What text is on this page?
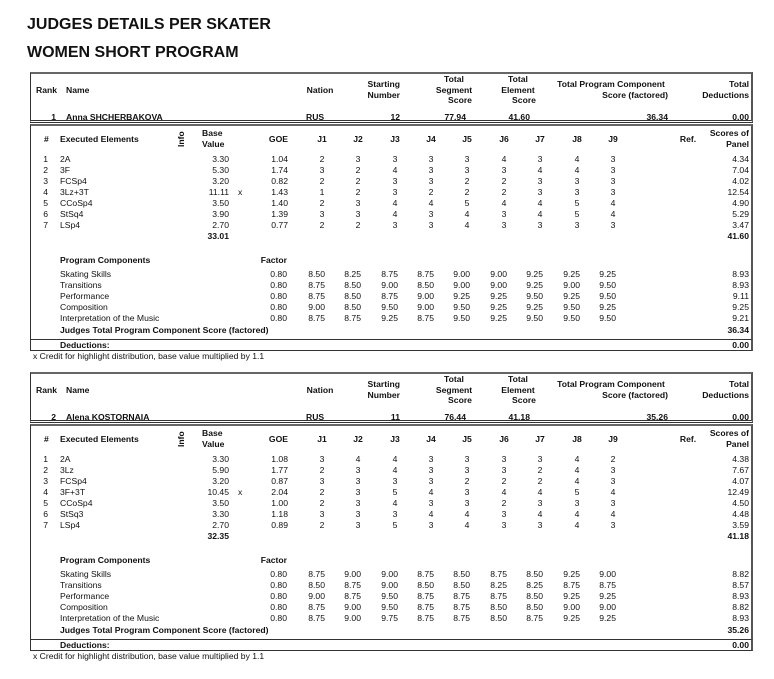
JUDGES DETAILS PER SKATER
WOMEN SHORT PROGRAM
Rank Name	Nation
Starting
Number
Total
Segment
Score
Total
Element
Score
Total Program Component
Score (factored)
Total
Deductions
1 Anna SHCHERBAKOVA	RUS	12	77.94	41.60	36.34	0.00
# Executed Elements	Info Base
Value	GOE	J1	J2	J3	J4	J5	J6	J7	J8	J9	Ref.
Scores of
Panel
1 2A	3.30	1.04	2	3	3	3	3	4	3	4	3	4.34
2 3F	5.30	1.74	3	2	4	3	3	3	4	4	3	7.04
3 FCSp4	3.20	0.82	2	2	3	3	2	2	3	3	3	4.02
4 3Lz+3T	11.11 x	1.43	1	2	3	2	2	2	3	3	3	12.54
5 CCoSp4	3.50	1.40	2	3	4	4	5	4	4	5	4	4.90
6 StSq4	3.90	1.39	3	3	4	3	4	3	4	5	4	5.29
7 LSp4	2.70	0.77	2	2	3	3	4	3	3	3	3	3.47
33.01	41.60
Program Components	Factor
Skating Skills	0.80 8.50 8.25 8.75 8.75 9.00 9.00 9.25 9.25 9.25	8.93
Transitions	0.80 8.75 8.50 9.00 8.50 9.00 9.00 9.25 9.00 9.50	8.93
Performance	0.80 8.75 8.50 8.75 9.00 9.25 9.25 9.50 9.25 9.50	9.11
Composition	0.80 9.00 8.50 9.50 9.00 9.50 9.25 9.25 9.50 9.25	9.25
Interpretation of the Music	0.80 8.75 8.75 9.25 8.75 9.50 9.25 9.50 9.50 9.50	9.21
Judges Total Program Component Score (factored)	36.34
Deductions:	0.00
x Credit for highlight distribution, base value multiplied by 1.1
Rank Name	Nation
Starting
Number
Total
Segment
Score
Total
Element
Score
Total Program Component
Score (factored)
Total
Deductions
2 Alena KOSTORNAIA	RUS	11	76.44	41.18	35.26	0.00
# Executed Elements	Info Base
Value	GOE	J1	J2	J3	J4	J5	J6	J7	J8	J9	Ref.
Scores of
Panel
1 2A	3.30	1.08	3	4	4	3	3	3	3	4	2	4.38
2 3Lz	5.90	1.77	2	3	4	3	3	3	2	4	3	7.67
3 FCSp4	3.20	0.87	3	3	3	3	2	2	2	4	3	4.07
4 3F+3T	10.45 x	2.04	2	3	5	4	3	4	4	5	4	12.49
5 CCoSp4	3.50	1.00	2	3	4	3	3	2	3	3	3	4.50
6 StSq3	3.30	1.18	3	3	3	4	4	3	4	4	4	4.48
7 LSp4	2.70	0.89	2	3	5	3	4	3	3	4	3	3.59
32.35	41.18
Program Components	Factor
Skating Skills	0.80 8.75 9.00 9.00 8.75 8.50 8.75 8.50 9.25 9.00	8.82
Transitions	0.80 8.50 8.75 9.00 8.50 8.50 8.25 8.25 8.75 8.75	8.57
Performance	0.80 9.00 8.75 9.50 8.75 8.75 8.75 8.50 9.25 9.25	8.93
Composition	0.80 8.75 9.00 9.50 8.75 8.75 8.50 8.50 9.00 9.00	8.82
Interpretation of the Music	0.80 8.75 9.00 9.75 8.75 8.75 8.50 8.75 9.25 9.25	8.93
Judges Total Program Component Score (factored)	35.26
Deductions:	0.00
x Credit for highlight distribution, base value multiplied by 1.1
